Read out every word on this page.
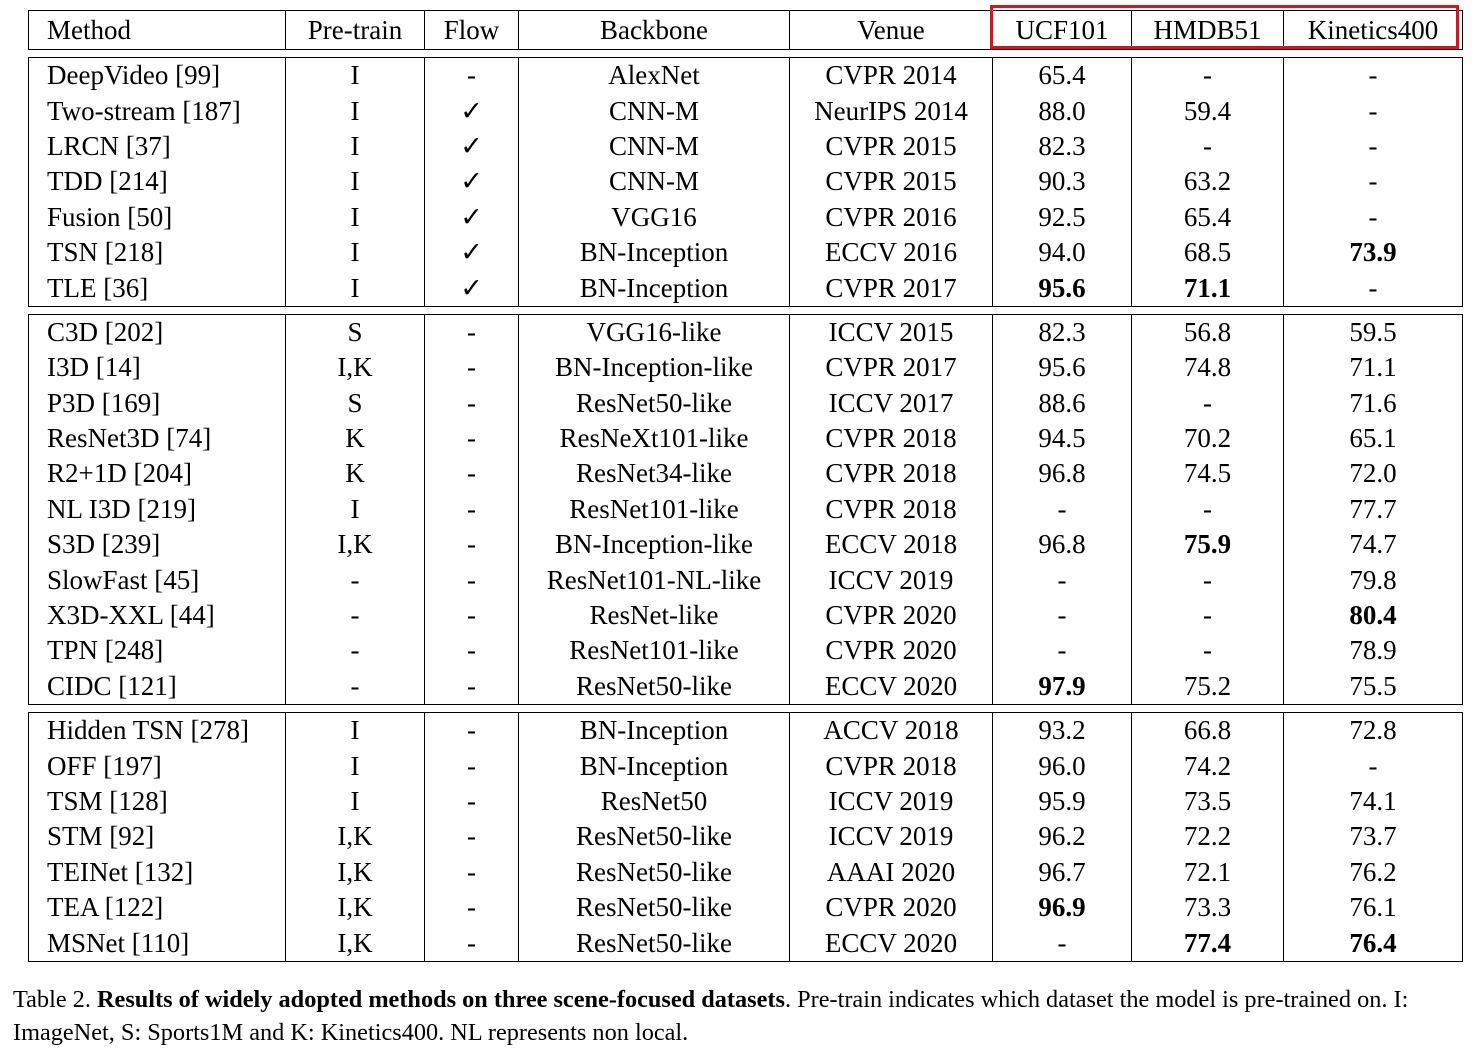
Method	Pre-train	Flow	Backbone	Venue	UCF101	HMDB51	Kinetics400

DeepVideo [99]	I	-	AlexNet	CVPR 2014	65.4	-	-
Two-stream [187]	I	✓	CNN-M	NeurIPS 2014	88.0	59.4	-
LRCN [37]	I	✓	CNN-M	CVPR 2015	82.3	-	-
TDD [214]	I	✓	CNN-M	CVPR 2015	90.3	63.2	-
Fusion [50]	I	✓	VGG16	CVPR 2016	92.5	65.4	-
TSN [218]	I	✓	BN-Inception	ECCV 2016	94.0	68.5	73.9
TLE [36]	I	✓	BN-Inception	CVPR 2017	95.6	71.1	-

C3D [202]	S	-	VGG16-like	ICCV 2015	82.3	56.8	59.5
I3D [14]	I,K	-	BN-Inception-like	CVPR 2017	95.6	74.8	71.1
P3D [169]	S	-	ResNet50-like	ICCV 2017	88.6	-	71.6
ResNet3D [74]	K	-	ResNeXt101-like	CVPR 2018	94.5	70.2	65.1
R2+1D [204]	K	-	ResNet34-like	CVPR 2018	96.8	74.5	72.0
NL I3D [219]	I	-	ResNet101-like	CVPR 2018	-	-	77.7
S3D [239]	I,K	-	BN-Inception-like	ECCV 2018	96.8	75.9	74.7
SlowFast [45]	-	-	ResNet101-NL-like	ICCV 2019	-	-	79.8
X3D-XXL [44]	-	-	ResNet-like	CVPR 2020	-	-	80.4
TPN [248]	-	-	ResNet101-like	CVPR 2020	-	-	78.9
CIDC [121]	-	-	ResNet50-like	ECCV 2020	97.9	75.2	75.5

Hidden TSN [278]	I	-	BN-Inception	ACCV 2018	93.2	66.8	72.8
OFF [197]	I	-	BN-Inception	CVPR 2018	96.0	74.2	-
TSM [128]	I	-	ResNet50	ICCV 2019	95.9	73.5	74.1
STM [92]	I,K	-	ResNet50-like	ICCV 2019	96.2	72.2	73.7
TEINet [132]	I,K	-	ResNet50-like	AAAI 2020	96.7	72.1	76.2
TEA [122]	I,K	-	ResNet50-like	CVPR 2020	96.9	73.3	76.1
MSNet [110]	I,K	-	ResNet50-like	ECCV 2020	-	77.4	76.4

Table 2. Results of widely adopted methods on three scene-focused datasets. Pre-train indicates which dataset the model is pre-trained on. I: ImageNet, S: Sports1M and K: Kinetics400. NL represents non local.
